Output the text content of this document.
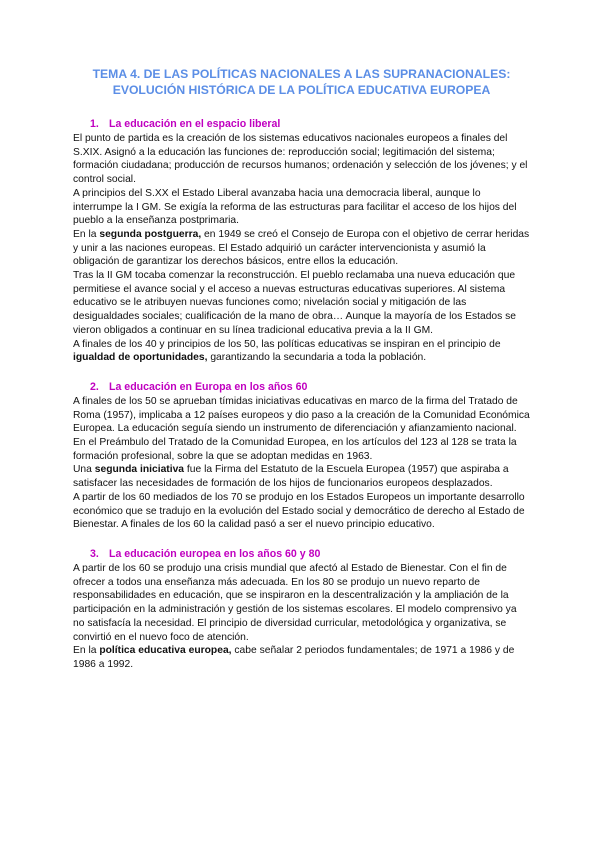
TEMA 4. DE LAS POLÍTICAS NACIONALES A LAS SUPRANACIONALES:
EVOLUCIÓN HISTÓRICA DE LA POLÍTICA EDUCATIVA EUROPEA
1. La educación en el espacio liberal

El punto de partida es la creación de los sistemas educativos nacionales europeos a finales del S.XIX. Asignó a la educación las funciones de: reproducción social; legitimación del sistema; formación ciudadana; producción de recursos humanos; ordenación y selección de los jóvenes; y el control social.

A principios del S.XX el Estado Liberal avanzaba hacia una democracia liberal, aunque lo interrumpe la I GM. Se exigía la reforma de las estructuras para facilitar el acceso de los hijos del pueblo a la enseñanza postprimaria.

En la segunda postguerra, en 1949 se creó el Consejo de Europa con el objetivo de cerrar heridas y unir a las naciones europeas. El Estado adquirió un carácter intervencionista y asumió la obligación de garantizar los derechos básicos, entre ellos la educación.

Tras la II GM tocaba comenzar la reconstrucción. El pueblo reclamaba una nueva educación que permitiese el avance social y el acceso a nuevas estructuras educativas superiores. Al sistema educativo se le atribuyen nuevas funciones como; nivelación social y mitigación de las desigualdades sociales; cualificación de la mano de obra… Aunque la mayoría de los Estados se vieron obligados a continuar en su línea tradicional educativa previa a la II GM.

A finales de los 40 y principios de los 50, las políticas educativas se inspiran en el principio de igualdad de oportunidades, garantizando la secundaria a toda la población.

2. La educación en Europa en los años 60

A finales de los 50 se aprueban tímidas iniciativas educativas en marco de la firma del Tratado de Roma (1957), implicaba a 12 países europeos y dio paso a la creación de la Comunidad Económica Europea. La educación seguía siendo un instrumento de diferenciación y afianzamiento nacional.

En el Preámbulo del Tratado de la Comunidad Europea, en los artículos del 123 al 128 se trata la formación profesional, sobre la que se adoptan medidas en 1963.

Una segunda iniciativa fue la Firma del Estatuto de la Escuela Europea (1957) que aspiraba a satisfacer las necesidades de formación de los hijos de funcionarios europeos desplazados.

A partir de los 60 mediados de los 70 se produjo en los Estados Europeos un importante desarrollo económico que se tradujo en la evolución del Estado social y democrático de derecho al Estado de Bienestar. A finales de los 60 la calidad pasó a ser el nuevo principio educativo.

3. La educación europea en los años 60 y 80

A partir de los 60 se produjo una crisis mundial que afectó al Estado de Bienestar. Con el fin de ofrecer a todos una enseñanza más adecuada. En los 80 se produjo un nuevo reparto de responsabilidades en educación, que se inspiraron en la descentralización y la ampliación de la participación en la administración y gestión de los sistemas escolares. El modelo comprensivo ya no satisfacía la necesidad. El principio de diversidad curricular, metodológica y organizativa, se convirtió en el nuevo foco de atención.

En la política educativa europea, cabe señalar 2 periodos fundamentales; de 1971 a 1986 y de 1986 a 1992.
